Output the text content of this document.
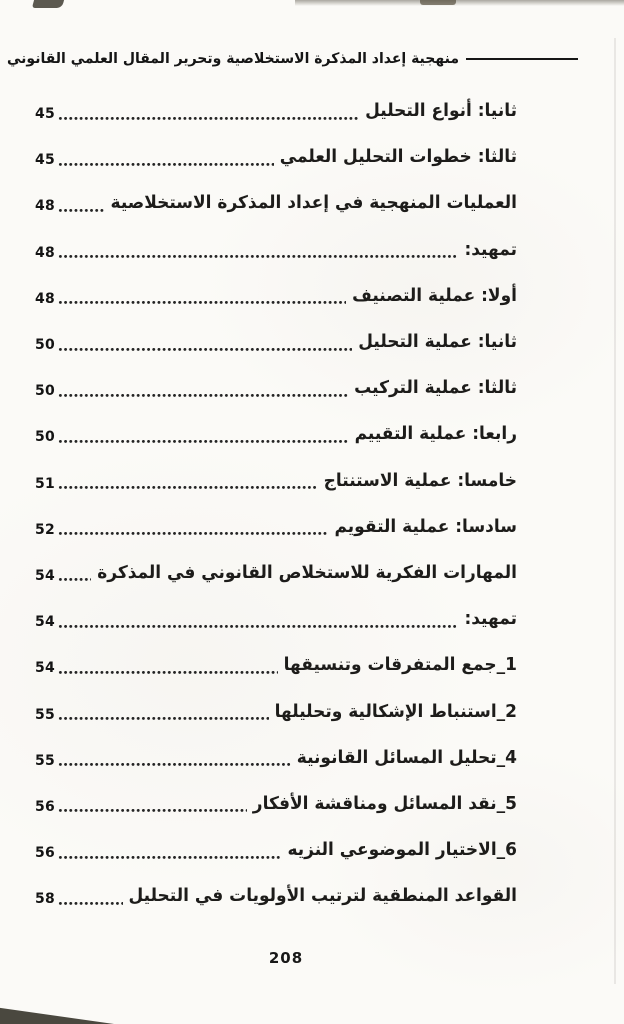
منهجية إعداد المذكرة الاستخلاصية وتحرير المقال العلمي القانوني
ثانيا: أنواع التحليل
45
ثالثا: خطوات التحليل العلمي
45
العمليات المنهجية في إعداد المذكرة الاستخلاصية
48
تمهيد:
48
أولا: عملية التصنيف
48
ثانيا: عملية التحليل
50
ثالثا: عملية التركيب
50
رابعا: عملية التقييم
50
خامسا: عملية الاستنتاج
51
سادسا: عملية التقويم
52
المهارات الفكرية للاستخلاص القانوني في المذكرة
54
تمهيد:
54
1_جمع المتفرقات وتنسيقها
54
2_استنباط الإشكالية وتحليلها
55
4_تحليل المسائل القانونية
55
5_نقد المسائل ومناقشة الأفكار
56
6_الاختيار الموضوعي النزيه
56
القواعد المنطقية لترتيب الأولويات في التحليل
58
208
